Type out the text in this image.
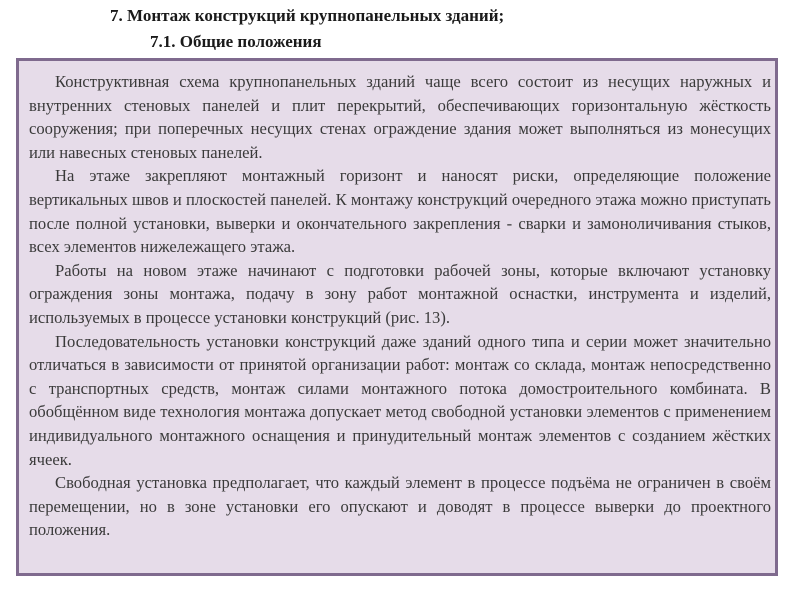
7. Монтаж конструкций крупнопанельных зданий;
7.1. Общие положения

Конструктивная схема крупнопанельных зданий чаще всего состоит из несущих наружных и внутренних стеновых панелей и плит перекрытий, обеспечивающих горизонтальную жёсткость сооружения; при поперечных несущих стенах ограждение здания может выполняться из монесущих или навесных стеновых панелей.

На этаже закрепляют монтажный горизонт и наносят риски, определяющие положение вертикальных швов и плоскостей панелей. К монтажу конструкций очередного этажа можно приступать после полной установки, выверки и окончательного закрепления - сварки и замоноличивания стыков, всех элементов нижележащего этажа.

Работы на новом этаже начинают с подготовки рабочей зоны, которые включают установку ограждения зоны монтажа, подачу в зону работ монтажной оснастки, инструмента и изделий, используемых в процессе установки конструкций (рис. 13).

Последовательность установки конструкций даже зданий одного типа и серии может значительно отличаться в зависимости от принятой организации работ: монтаж со склада, монтаж непосредственно с транспортных средств, монтаж силами монтажного потока домостроительного комбината. В обобщённом виде технология монтажа допускает метод свободной установки элементов с применением индивидуального монтажного оснащения и принудительный монтаж элементов с созданием жёстких ячеек.

Свободная установка предполагает, что каждый элемент в процессе подъёма не ограничен в своём перемещении, но в зоне установки его опускают и доводят в процессе выверки до проектного положения.
